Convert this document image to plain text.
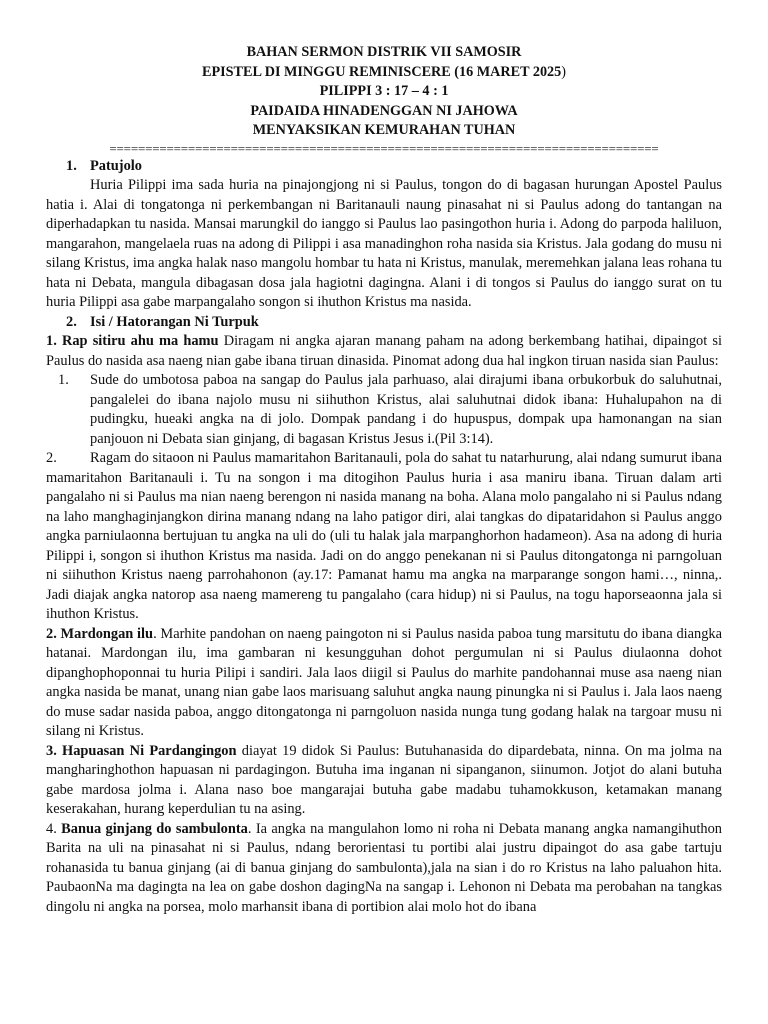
BAHAN SERMON DISTRIK VII SAMOSIR
EPISTEL DI MINGGU REMINISCERE (16 MARET 2025)
PILIPPI 3 : 17 – 4 : 1
PAIDAIDA HINADENGGAN NI JAHOWA
MENYAKSIKAN KEMURAHAN TUHAN
=============================================================================
1. Patujolo

Huria Pilippi ima sada huria na pinajongjong ni si Paulus, tongon do di bagasan hurungan Apostel Paulus hatia i. Alai di tongatonga ni perkembangan ni Baritanauli naung pinasahat ni si Paulus adong do tantangan na diperhadapkan tu nasida. Mansai marungkil do ianggo si Paulus lao pasingothon huria i. Adong do parpoda haliluon, mangarahon, mangelaela ruas na adong di Pilippi i asa manadinghon roha nasida sia Kristus. Jala godang do musu ni silang Kristus, ima angka halak naso mangolu hombar tu hata ni Kristus, manulak, meremehkan jalana leas rohana tu hata ni Debata, mangula dibagasan dosa jala hagiotni dagingna. Alani i di tongos si Paulus do ianggo surat on tu huria Pilippi asa gabe marpangalaho songon si ihuthon Kristus ma nasida.

2. Isi / Hatorangan Ni Turpuk

1. Rap sitiru ahu ma hamu Diragam ni angka ajaran manang paham na adong berkembang hatihai, dipaingot si Paulus do nasida asa naeng nian gabe ibana tiruan dinasida. Pinomat adong dua hal ingkon tiruan nasida sian Paulus:

1. Sude do umbotosa paboa na sangap do Paulus jala parhuaso, alai dirajumi ibana orbukorbuk do saluhutnai, pangalelei do ibana najolo musu ni siihuthon Kristus, alai saluhutnai didok ibana: Huhalupahon na di pudingku, hueaki angka na di jolo. Dompak pandang i do hupuspus, dompak upa hamonangan na sian panjouon ni Debata sian ginjang, di bagasan Kristus Jesus i.(Pil 3:14).

2. Ragam do sitaoon ni Paulus mamaritahon Baritanauli, pola do sahat tu natarhurung, alai ndang sumurut ibana mamaritahon Baritanauli i. Tu na songon i ma ditogihon Paulus huria i asa maniru ibana. Tiruan dalam arti pangalaho ni si Paulus ma nian naeng berengon ni nasida manang na boha. Alana molo pangalaho ni si Paulus ndang na laho manghaginjangkon dirina manang ndang na laho patigor diri, alai tangkas do dipataridahon si Paulus anggo angka parniulaonna bertujuan tu angka na uli do (uli tu halak jala marpanghorhon hadameon). Asa na adong di huria Pilippi i, songon si ihuthon Kristus ma nasida. Jadi on do anggo penekanan ni si Paulus ditongatonga ni parngoluan ni siihuthon Kristus naeng parrohahonon (ay.17: Pamanat hamu ma angka na marparange songon hami…, ninna,. Jadi diajak angka natorop asa naeng mamereng tu pangalaho (cara hidup) ni si Paulus, na togu haporseaonna jala si ihuthon Kristus.

2. Mardongan ilu. Marhite pandohan on naeng paingoton ni si Paulus nasida paboa tung marsitutu do ibana diangka hatanai. Mardongan ilu, ima gambaran ni kesungguhan dohot pergumulan ni si Paulus diulaonna dohot dipanghophoponnai tu huria Pilipi i sandiri. Jala laos diigil si Paulus do marhite pandohannai muse asa naeng nian angka nasida be manat, unang nian gabe laos marisuang saluhut angka naung pinungka ni si Paulus i. Jala laos naeng do muse sadar nasida paboa, anggo ditongatonga ni parngoluon nasida nunga tung godang halak na targoar musu ni silang ni Kristus.

3. Hapuasan Ni Pardangingon diayat 19 didok Si Paulus: Butuhanasida do dipardebata, ninna. On ma jolma na mangharinghothon hapuasan ni pardagingon. Butuha ima inganan ni sipanganon, siinumon. Jotjot do alani butuha gabe mardosa jolma i. Alana naso boe mangarajai butuha gabe madabu tuhamokkuson, ketamakan manang keserakahan, hurang keperdulian tu na asing.

4. Banua ginjang do sambulonta. Ia angka na mangulahon lomo ni roha ni Debata manang angka namangihuthon Barita na uli na pinasahat ni si Paulus, ndang berorientasi tu portibi alai justru dipaingot do asa gabe tartuju rohanasida tu banua ginjang (ai di banua ginjang do sambulonta),jala na sian i do ro Kristus na laho paluahon hita. PaubaonNa ma dagingta na lea on gabe doshon dagingNa na sangap i. Lehonon ni Debata ma perobahan na tangkas dingolu ni angka na porsea, molo marhansit ibana di portibion alai molo hot do ibana
